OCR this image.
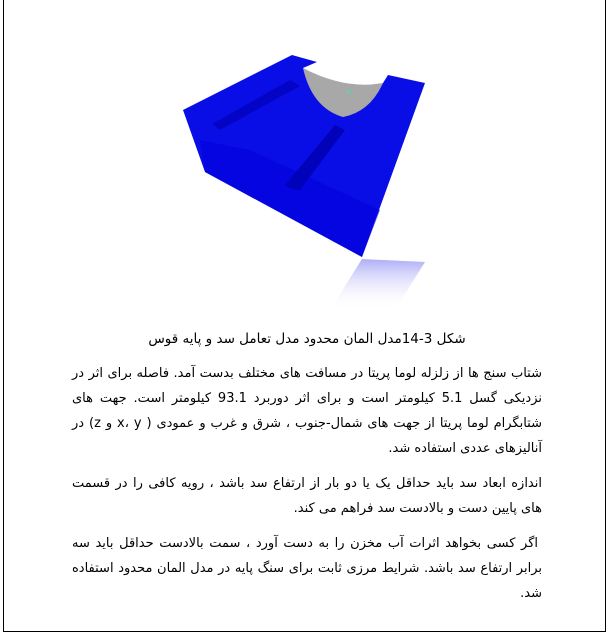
شکل 3-14مدل المان محدود مدل تعامل سد و پایه قوس
شتاب سنج ها از زلزله لوما پریتا در مسافت های مختلف بدست آمد. فاصله برای اثر در نزدیکی گسل 5.1 کیلومتر است و برای اثر دوربرد 93.1 کیلومتر است. جهت های شتابگرام لوما پریتا از جهت های شمال-جنوب ، شرق و غرب و عمودی ( x، y و z) در آنالیزهای عددی استفاده شد.
اندازه ابعاد سد باید حداقل یک یا دو بار از ارتفاع سد باشد ، رویه کافی را در قسمت های پایین دست و بالادست سد فراهم می کند.
اگر کسی بخواهد اثرات آب مخزن را به دست آورد ، سمت بالادست حداقل باید سه برابر ارتفاع سد باشد. شرایط مرزی ثابت برای سنگ پایه در مدل المان محدود استفاده شد.
